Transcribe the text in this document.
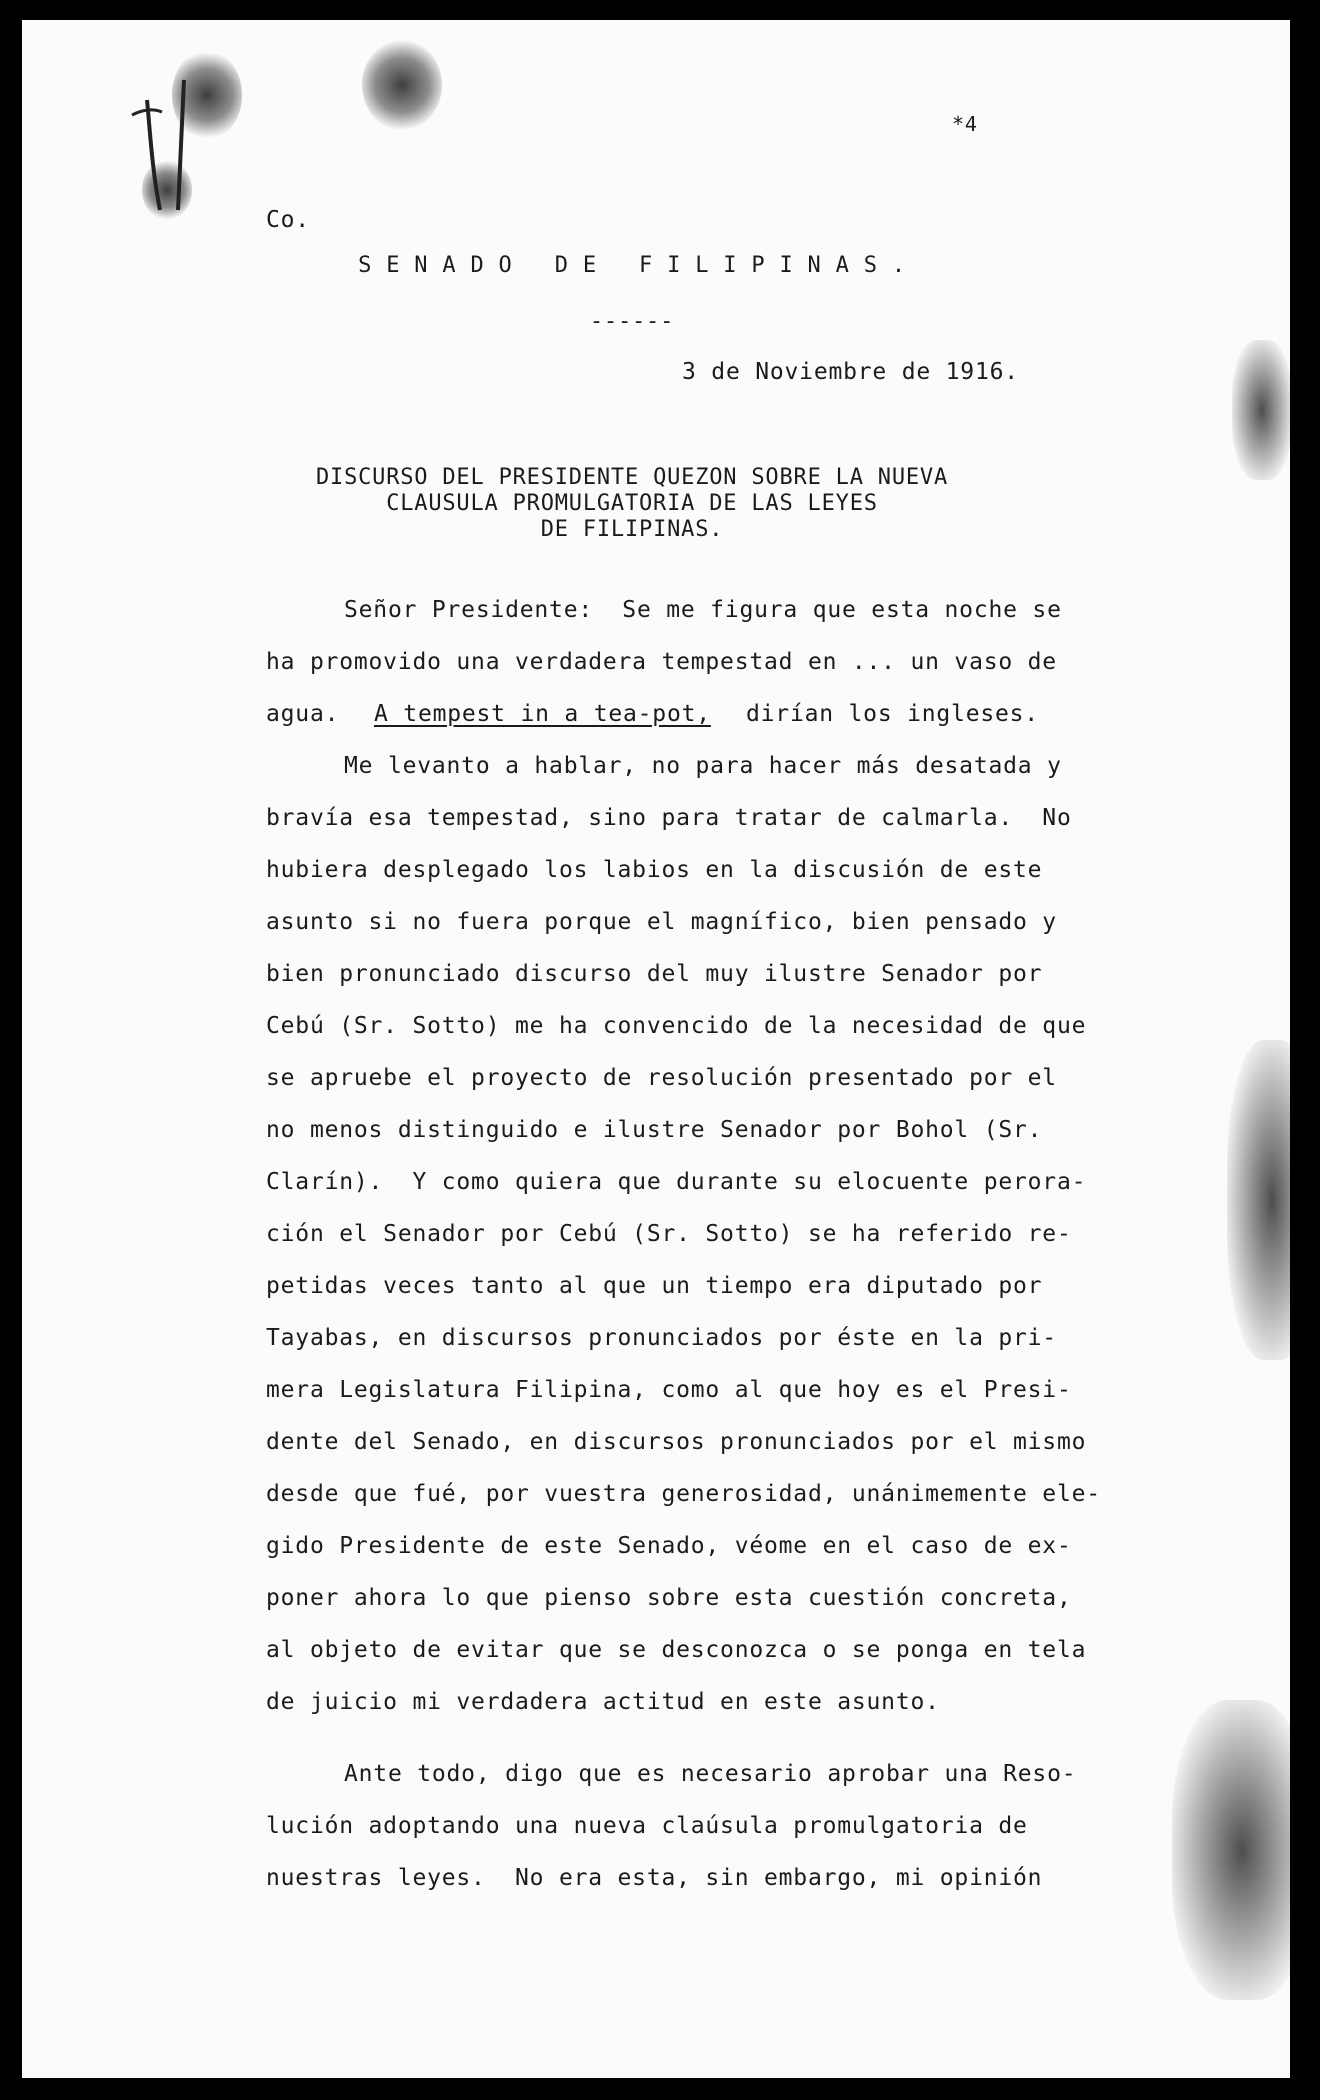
Co.
*4
S E N A D O   D E   F I L I P I N A S .
------
3 de Noviembre de 1916.
DISCURSO DEL PRESIDENTE QUEZON SOBRE LA NUEVA
CLAUSULA PROMULGATORIA DE LAS LEYES
DE FILIPINAS.
Señor Presidente:  Se me figura que esta noche se
ha promovido una verdadera tempestad en ... un vaso de
agua. A tempest in a tea-pot, dirían los ingleses.
Me levanto a hablar, no para hacer más desatada y
bravía esa tempestad, sino para tratar de calmarla.  No
hubiera desplegado los labios en la discusión de este
asunto si no fuera porque el magnífico, bien pensado y
bien pronunciado discurso del muy ilustre Senador por
Cebú (Sr. Sotto) me ha convencido de la necesidad de que
se apruebe el proyecto de resolución presentado por el
no menos distinguido e ilustre Senador por Bohol (Sr.
Clarín).  Y como quiera que durante su elocuente perora-
ción el Senador por Cebú (Sr. Sotto) se ha referido re-
petidas veces tanto al que un tiempo era diputado por
Tayabas, en discursos pronunciados por éste en la pri-
mera Legislatura Filipina, como al que hoy es el Presi-
dente del Senado, en discursos pronunciados por el mismo
desde que fué, por vuestra generosidad, unánimemente ele-
gido Presidente de este Senado, véome en el caso de ex-
poner ahora lo que pienso sobre esta cuestión concreta,
al objeto de evitar que se desconozca o se ponga en tela
de juicio mi verdadera actitud en este asunto.
Ante todo, digo que es necesario aprobar una Reso-
lución adoptando una nueva claúsula promulgatoria de
nuestras leyes.  No era esta, sin embargo, mi opinión
